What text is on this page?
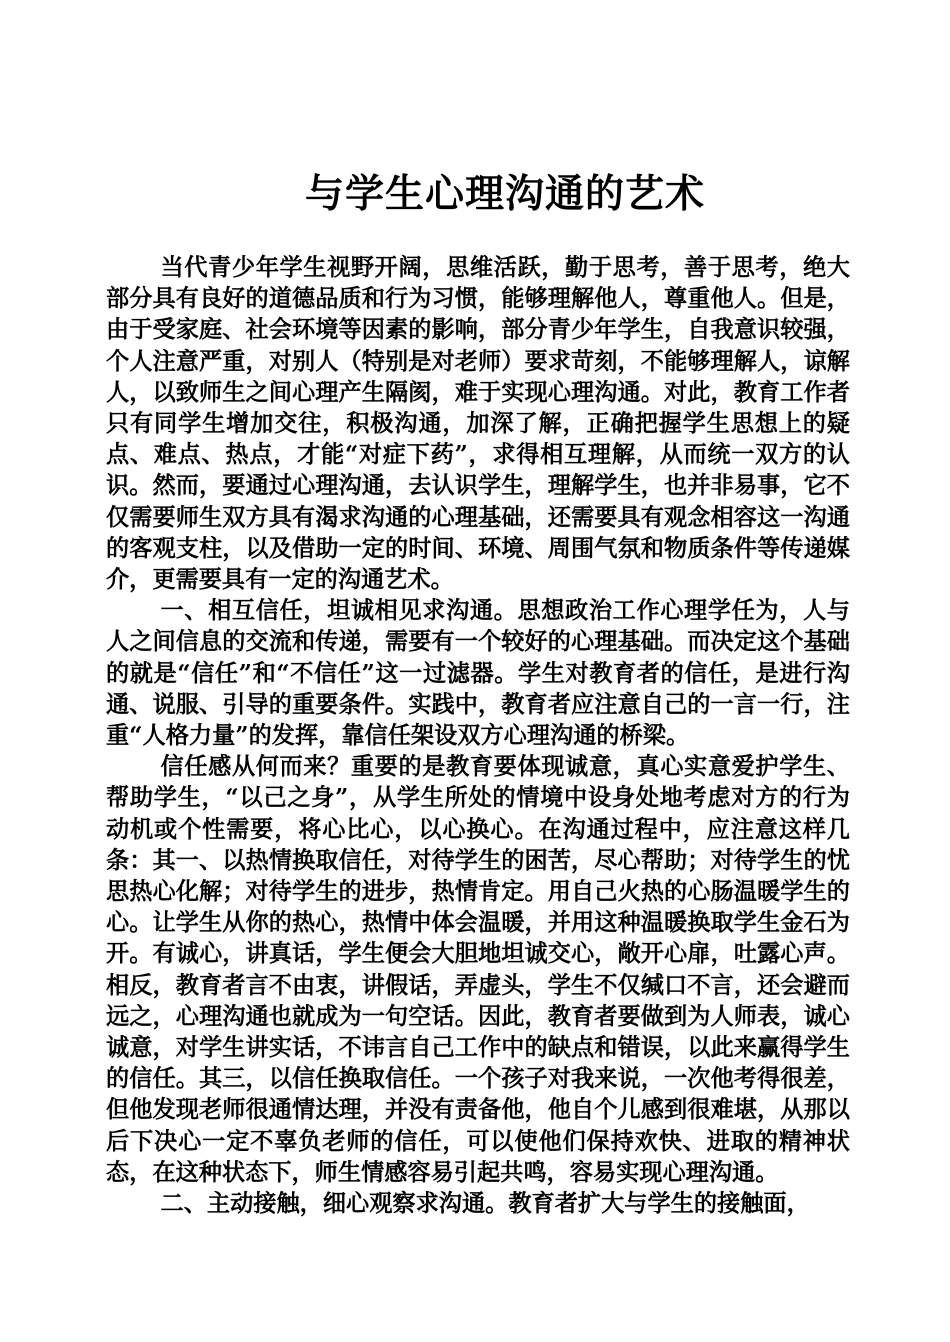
与学生心理沟通的艺术

当代青少年学生视野开阔，思维活跃，勤于思考，善于思考，绝大部分具有良好的道德品质和行为习惯，能够理解他人，尊重他人。但是，由于受家庭、社会环境等因素的影响，部分青少年学生，自我意识较强，个人注意严重，对别人（特别是对老师）要求苛刻，不能够理解人，谅解人，以致师生之间心理产生隔阂，难于实现心理沟通。对此，教育工作者只有同学生增加交往，积极沟通，加深了解，正确把握学生思想上的疑点、难点、热点，才能“对症下药”，求得相互理解，从而统一双方的认识。然而，要通过心理沟通，去认识学生，理解学生，也并非易事，它不仅需要师生双方具有渴求沟通的心理基础，还需要具有观念相容这一沟通的客观支柱，以及借助一定的时间、环境、周围气氛和物质条件等传递媒介，更需要具有一定的沟通艺术。

一、相互信任，坦诚相见求沟通。思想政治工作心理学任为，人与人之间信息的交流和传递，需要有一个较好的心理基础。而决定这个基础的就是“信任”和“不信任”这一过滤器。学生对教育者的信任，是进行沟通、说服、引导的重要条件。实践中，教育者应注意自己的一言一行，注重“人格力量”的发挥，靠信任架设双方心理沟通的桥梁。

信任感从何而来？重要的是教育要体现诚意，真心实意爱护学生、帮助学生，“以己之身”，从学生所处的情境中设身处地考虑对方的行为动机或个性需要，将心比心，以心换心。在沟通过程中，应注意这样几条：其一、以热情换取信任，对待学生的困苦，尽心帮助；对待学生的忧思热心化解；对待学生的进步，热情肯定。用自己火热的心肠温暖学生的心。让学生从你的热心，热情中体会温暖，并用这种温暖换取学生金石为开。有诚心，讲真话，学生便会大胆地坦诚交心，敞开心扉，吐露心声。相反，教育者言不由衷，讲假话，弄虚头，学生不仅缄口不言，还会避而远之，心理沟通也就成为一句空话。因此，教育者要做到为人师表，诚心诚意，对学生讲实话，不讳言自己工作中的缺点和错误，以此来赢得学生的信任。其三，以信任换取信任。一个孩子对我来说，一次他考得很差，但他发现老师很通情达理，并没有责备他，他自个儿感到很难堪，从那以后下决心一定不辜负老师的信任，可以使他们保持欢快、进取的精神状态，在这种状态下，师生情感容易引起共鸣，容易实现心理沟通。

二、主动接触，细心观察求沟通。教育者扩大与学生的接触面，
